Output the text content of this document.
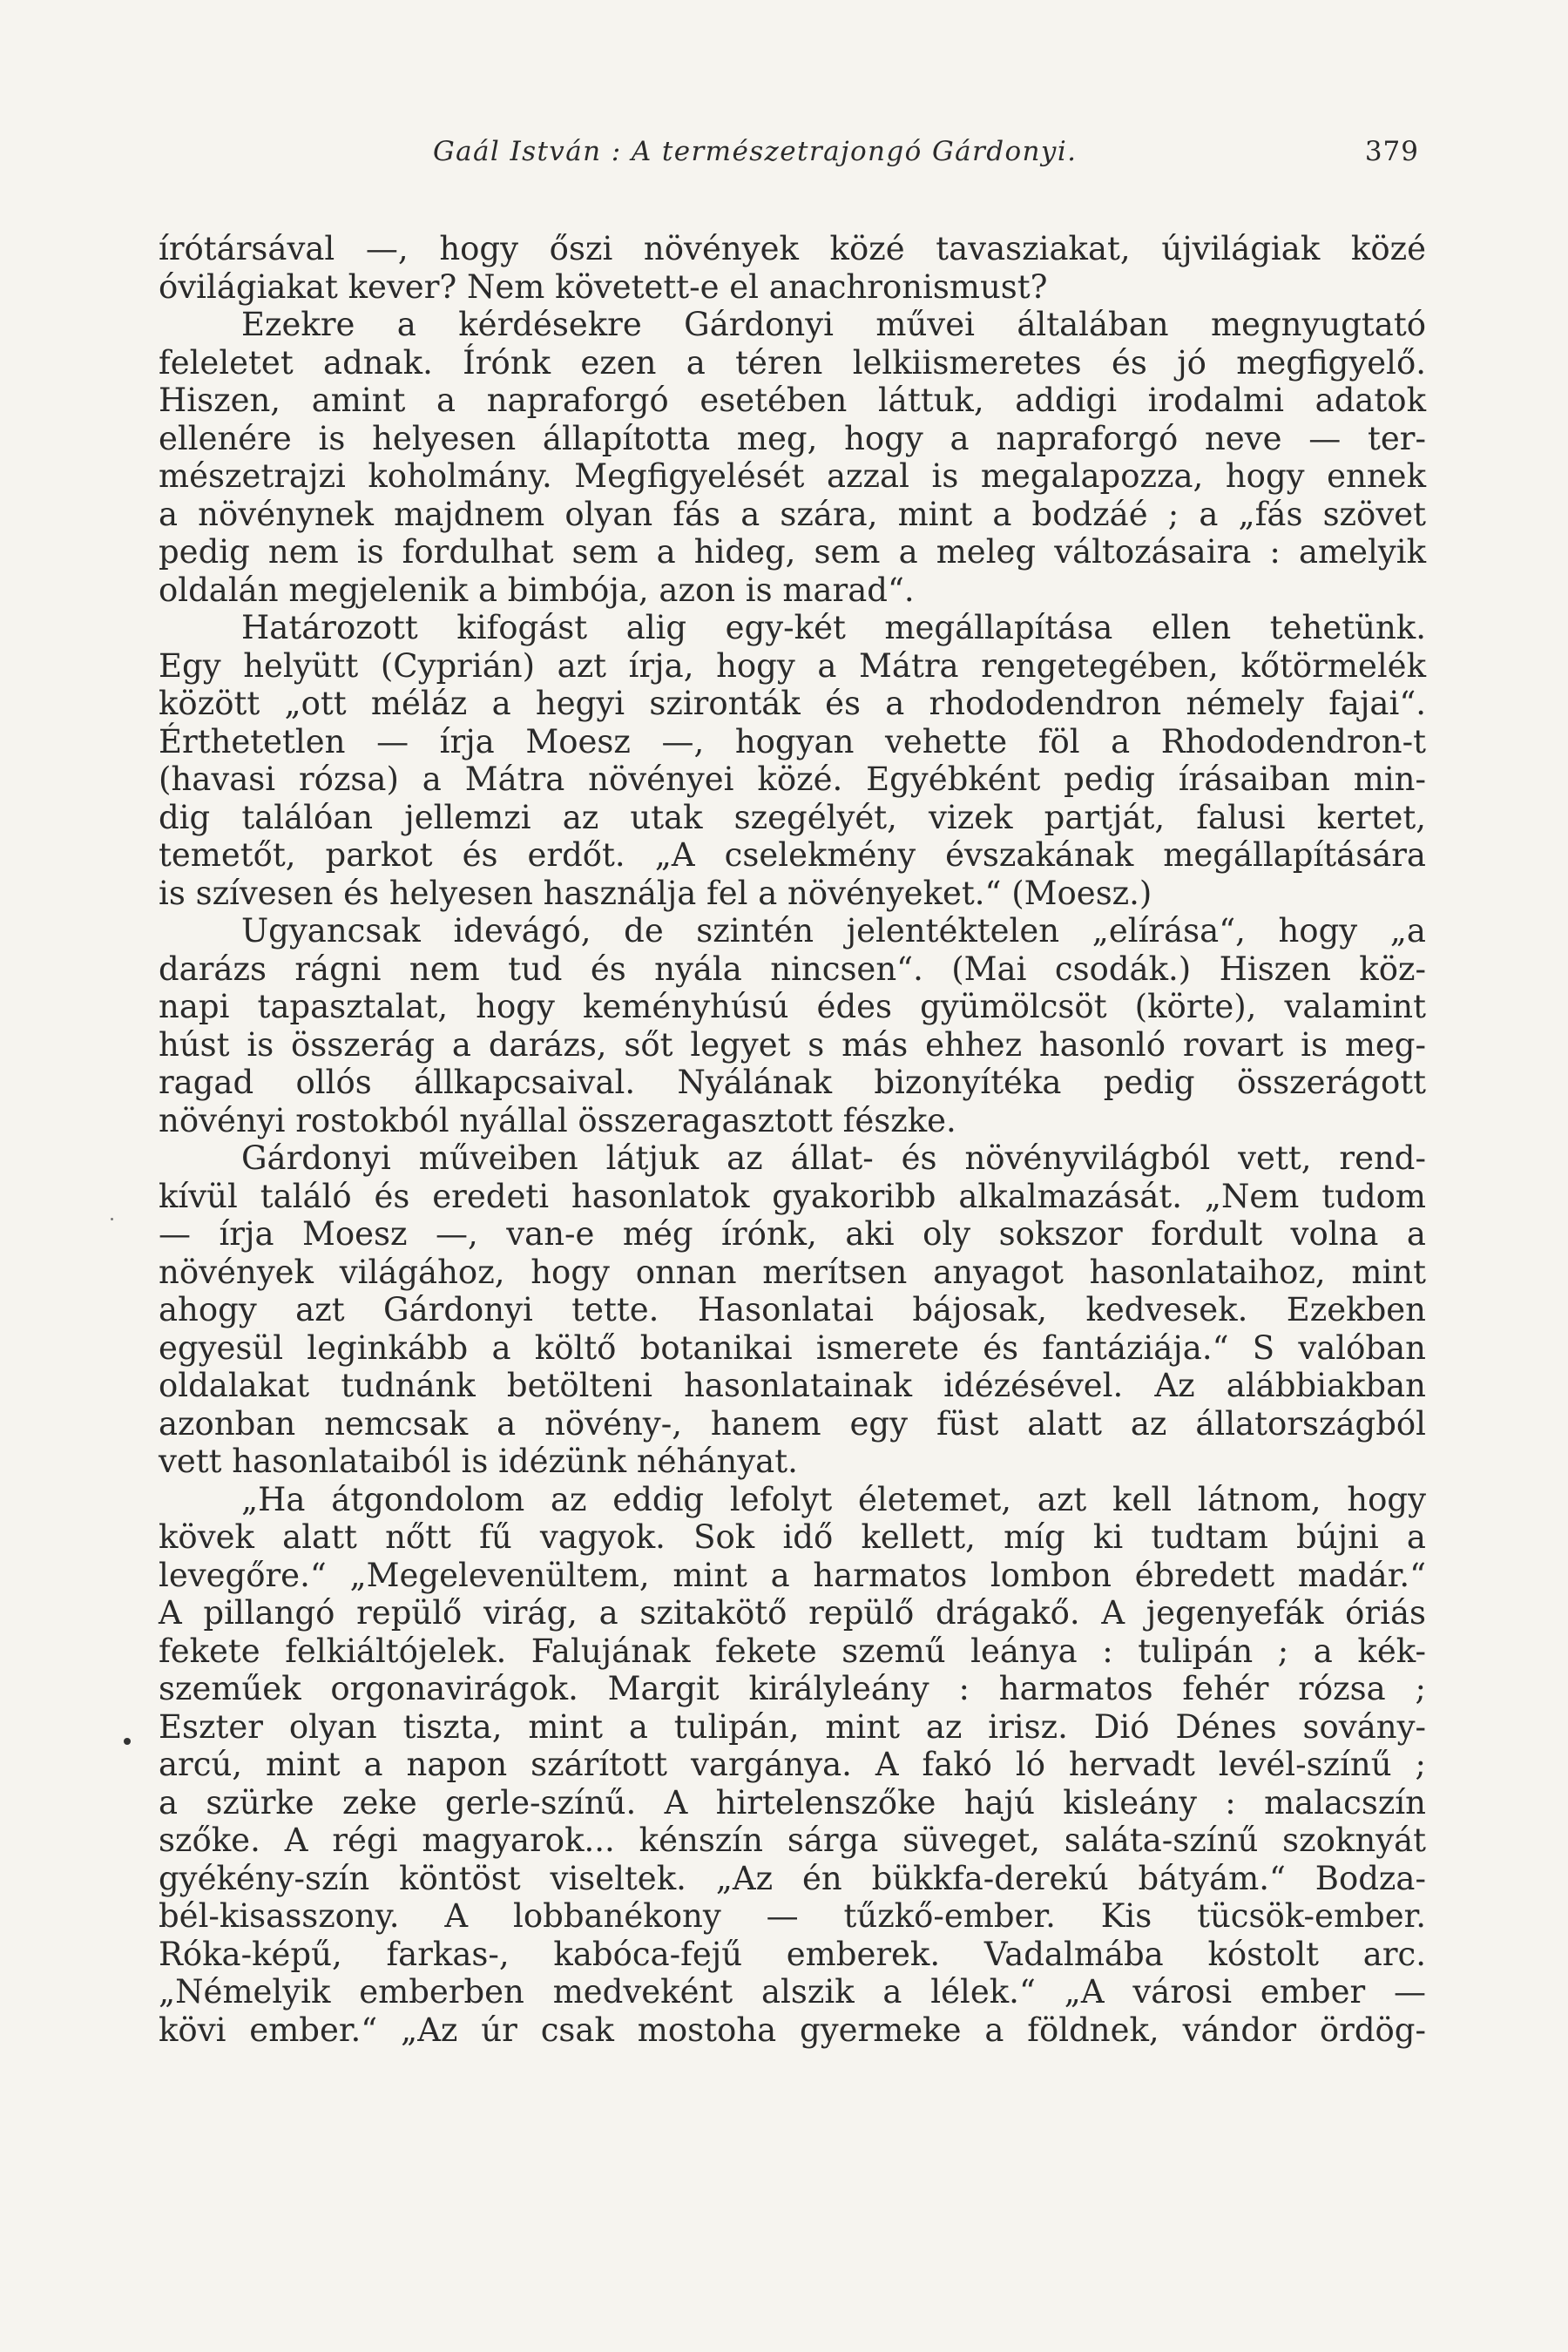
Gaál István : A természetrajongó Gárdonyi.	379

írótársával —, hogy őszi növények közé tavasziakat, újvilágiak közé

óvilágiakat kever? Nem követett-e el anachronismust?

Ezekre a kérdésekre Gárdonyi művei általában megnyugtató

feleletet adnak. Írónk ezen a téren lelkiismeretes és jó megfigyelő.

Hiszen, amint a napraforgó esetében láttuk, addigi irodalmi adatok

ellenére is helyesen állapította meg, hogy a napraforgó neve — ter-

mészetrajzi koholmány. Megfigyelését azzal is megalapozza, hogy ennek

a növénynek majdnem olyan fás a szára, mint a bodzáé ; a „fás szövet

pedig nem is fordulhat sem a hideg, sem a meleg változásaira : amelyik

oldalán megjelenik a bimbója, azon is marad“.

Határozott kifogást alig egy-két megállapítása ellen tehetünk.

Egy helyütt (Cyprián) azt írja, hogy a Mátra rengetegében, kőtörmelék

között „ott méláz a hegyi szironták és a rhododendron némely fajai“.

Érthetetlen — írja Moesz —, hogyan vehette föl a Rhododendron-t

(havasi rózsa) a Mátra növényei közé. Egyébként pedig írásaiban min-

dig találóan jellemzi az utak szegélyét, vizek partját, falusi kertet,

temetőt, parkot és erdőt. „A cselekmény évszakának megállapítására

is szívesen és helyesen használja fel a növényeket.“ (Moesz.)

Ugyancsak idevágó, de szintén jelentéktelen „elírása“, hogy „a

darázs rágni nem tud és nyála nincsen“. (Mai csodák.) Hiszen köz-

napi tapasztalat, hogy keményhúsú édes gyümölcsöt (körte), valamint

húst is összerág a darázs, sőt legyet s más ehhez hasonló rovart is meg-

ragad ollós állkapcsaival. Nyálának bizonyítéka pedig összerágott

növényi rostokból nyállal összeragasztott fészke.

Gárdonyi műveiben látjuk az állat- és növényvilágból vett, rend-

kívül találó és eredeti hasonlatok gyakoribb alkalmazását. „Nem tudom

— írja Moesz —, van-e még írónk, aki oly sokszor fordult volna a

növények világához, hogy onnan merítsen anyagot hasonlataihoz, mint

ahogy azt Gárdonyi tette. Hasonlatai bájosak, kedvesek. Ezekben

egyesül leginkább a költő botanikai ismerete és fantáziája.“ S valóban

oldalakat tudnánk betölteni hasonlatainak idézésével. Az alábbiakban

azonban nemcsak a növény-, hanem egy füst alatt az állatországból

vett hasonlataiból is idézünk néhányat.

„Ha átgondolom az eddig lefolyt életemet, azt kell látnom, hogy

kövek alatt nőtt fű vagyok. Sok idő kellett, míg ki tudtam bújni a

levegőre.“ „Megelevenültem, mint a harmatos lombon ébredett madár.“

A pillangó repülő virág, a szitakötő repülő drágakő. A jegenyefák óriás

fekete felkiáltójelek. Falujának fekete szemű leánya : tulipán ; a kék-

szeműek orgonavirágok. Margit királyleány : harmatos fehér rózsa ;

Eszter olyan tiszta, mint a tulipán, mint az irisz. Dió Dénes sovány-

arcú, mint a napon szárított vargánya. A fakó ló hervadt levél-színű ;

a szürke zeke gerle-színű. A hirtelenszőke hajú kisleány : malacszín

szőke. A régi magyarok... kénszín sárga süveget, saláta-színű szoknyát

gyékény-szín köntöst viseltek. „Az én bükkfa-derekú bátyám.“ Bodza-

bél-kisasszony. A lobbanékony — tűzkő-ember. Kis tücsök-ember.

Róka-képű, farkas-, kabóca-fejű emberek. Vadalmába kóstolt arc.

„Némelyik emberben medveként alszik a lélek.“ „A városi ember —

kövi ember.“ „Az úr csak mostoha gyermeke a földnek, vándor ördög-
